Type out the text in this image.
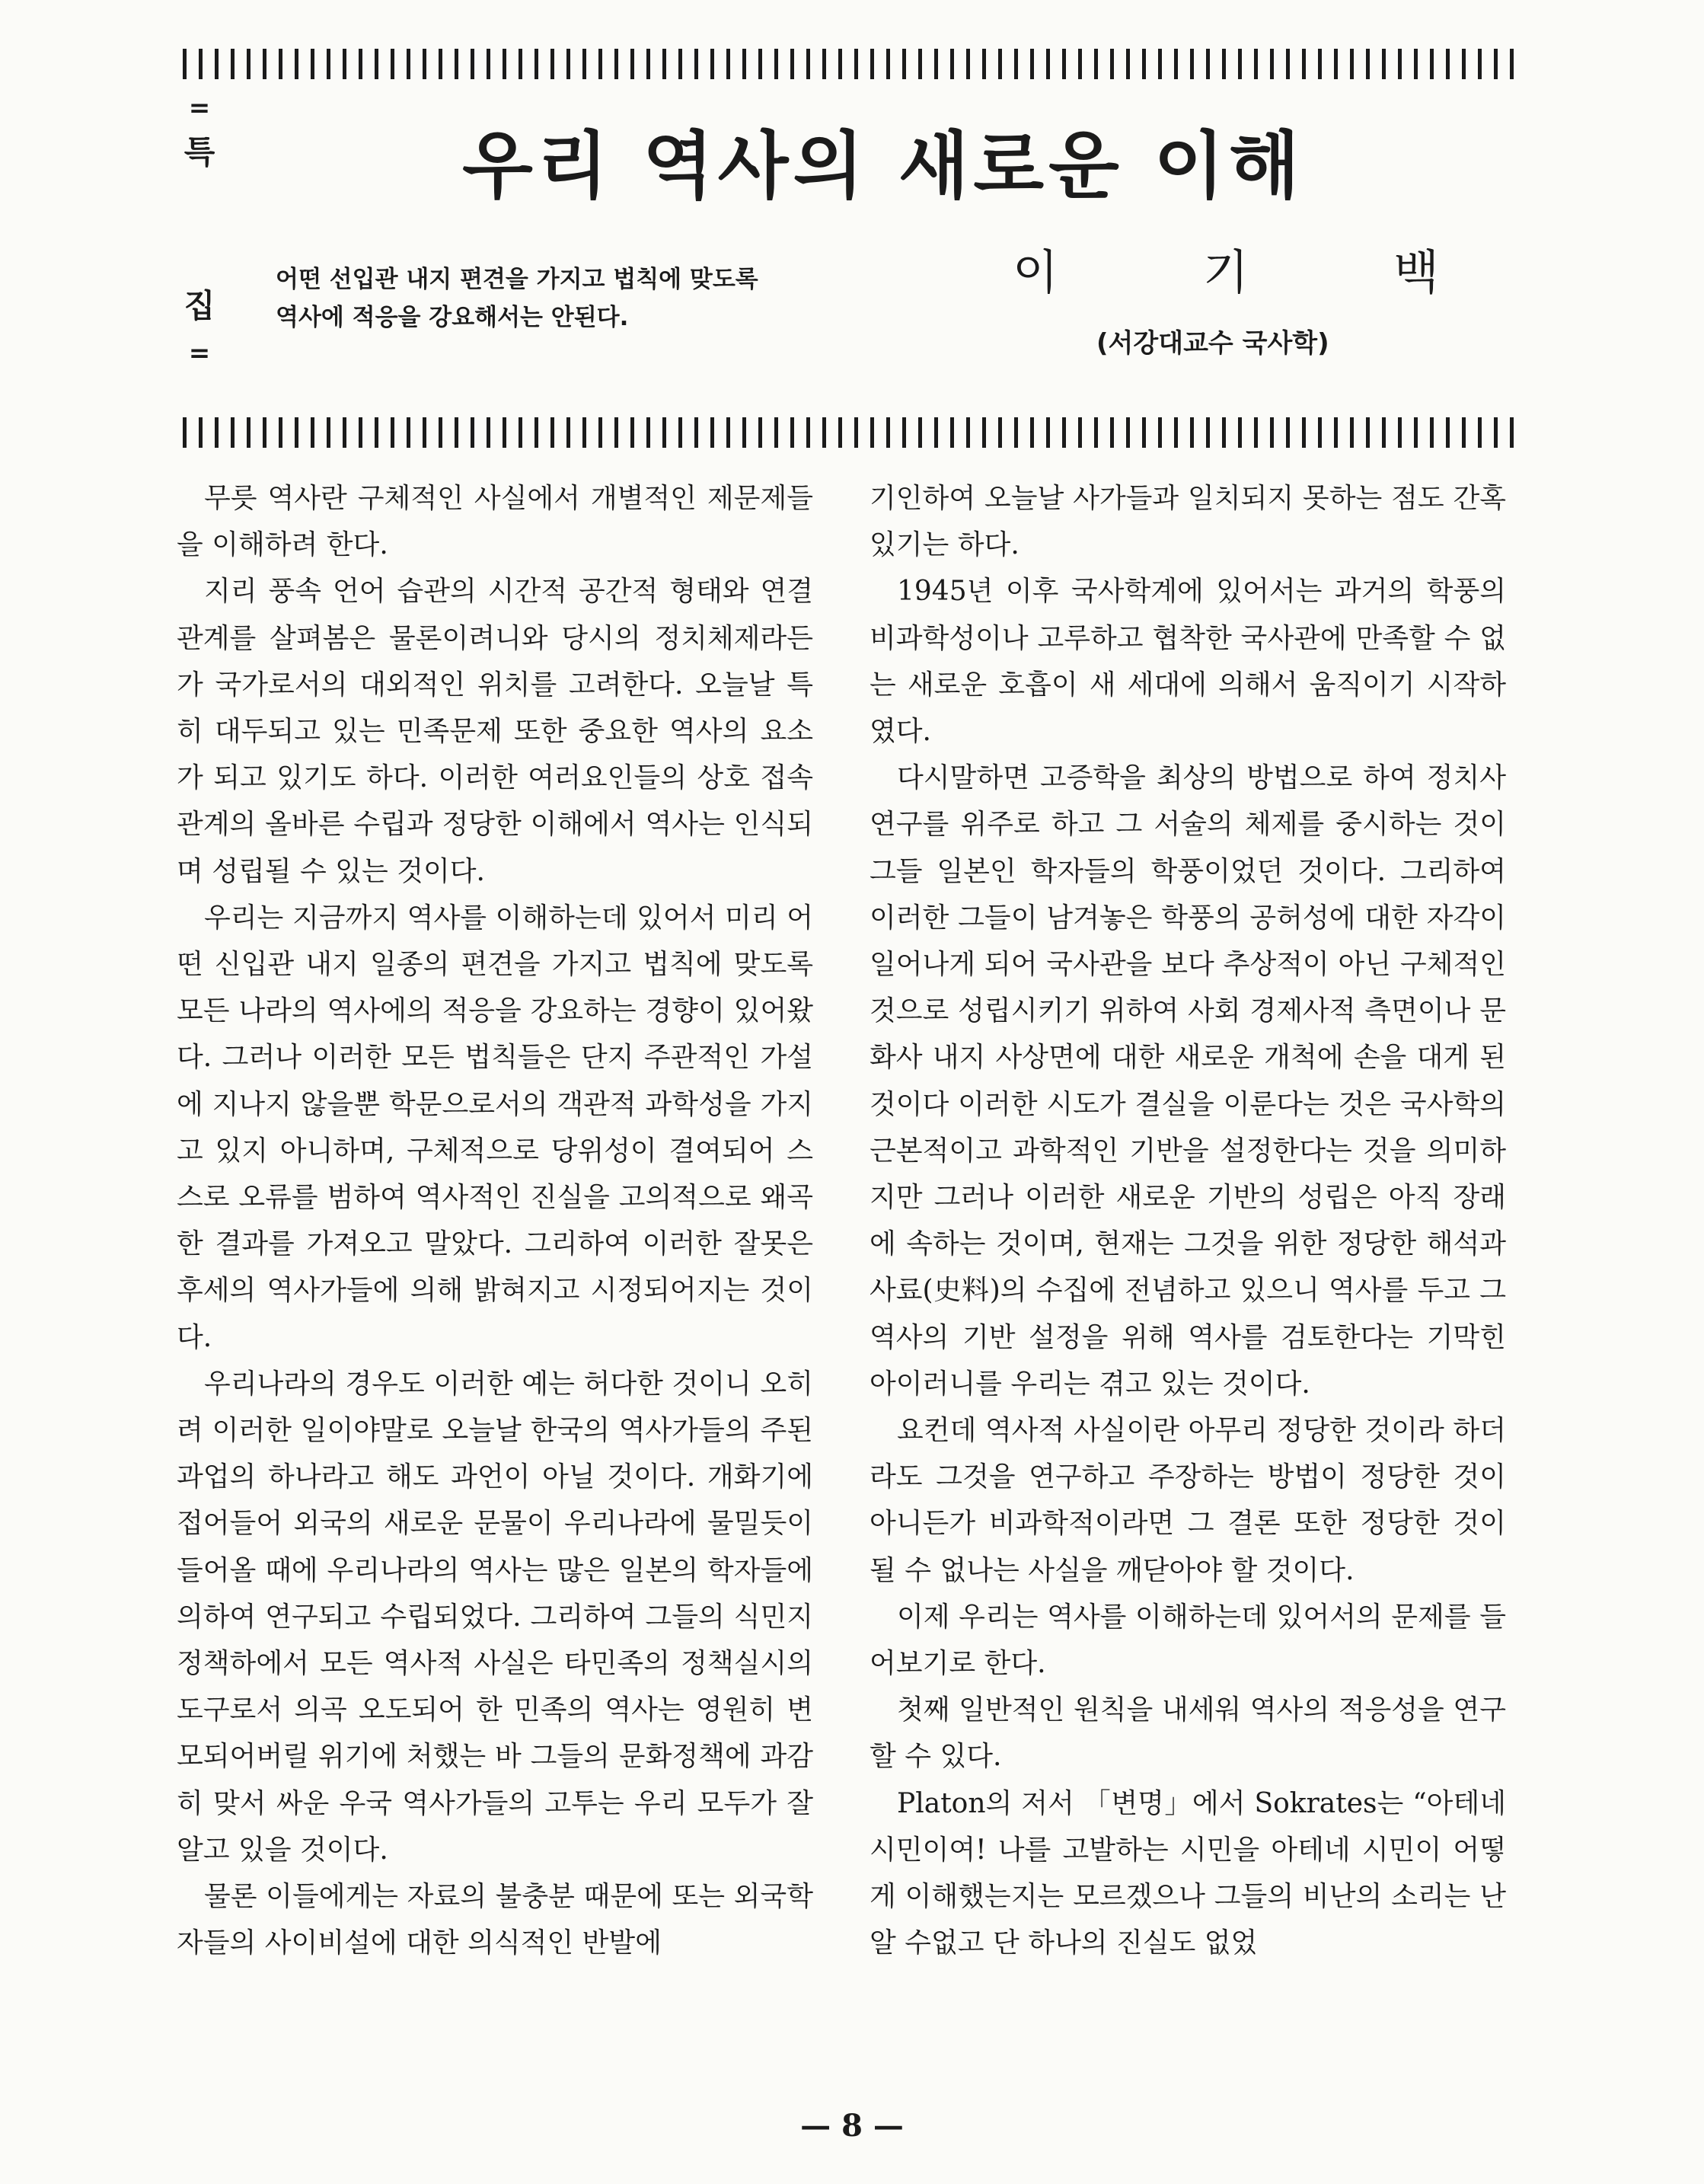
=
특
집
=
우리 역사의 새로운 이해
어떤 선입관 내지 편견을 가지고 법칙에 맞도록
역사에 적응을 강요해서는 안된다.
이	기	백
(서강대교수 국사학)

무릇 역사란 구체적인 사실에서 개별적인 제문제들을 이해하려 한다.

지리 풍속 언어 습관의 시간적 공간적 형태와 연결관계를 살펴봄은 물론이려니와 당시의 정치체제라든가 국가로서의 대외적인 위치를 고려한다. 오늘날 특히 대두되고 있는 민족문제 또한 중요한 역사의 요소가 되고 있기도 하다. 이러한 여러요인들의 상호 접속관계의 올바른 수립과 정당한 이해에서 역사는 인식되며 성립될 수 있는 것이다.

우리는 지금까지 역사를 이해하는데 있어서 미리 어떤 신입관 내지 일종의 편견을 가지고 법칙에 맞도록 모든 나라의 역사에의 적응을 강요하는 경향이 있어왔다. 그러나 이러한 모든 법칙들은 단지 주관적인 가설에 지나지 않을뿐 학문으로서의 객관적 과학성을 가지고 있지 아니하며, 구체적으로 당위성이 결여되어 스스로 오류를 범하여 역사적인 진실을 고의적으로 왜곡한 결과를 가져오고 말았다. 그리하여 이러한 잘못은 후세의 역사가들에 의해 밝혀지고 시정되어지는 것이다.

우리나라의 경우도 이러한 예는 허다한 것이니 오히려 이러한 일이야말로 오늘날 한국의 역사가들의 주된 과업의 하나라고 해도 과언이 아닐 것이다. 개화기에 접어들어 외국의 새로운 문물이 우리나라에 물밀듯이 들어올 때에 우리나라의 역사는 많은 일본의 학자들에 의하여 연구되고 수립되었다. 그리하여 그들의 식민지정책하에서 모든 역사적 사실은 타민족의 정책실시의 도구로서 의곡 오도되어 한 민족의 역사는 영원히 변모되어버릴 위기에 처했는 바 그들의 문화정책에 과감히 맞서 싸운 우국 역사가들의 고투는 우리 모두가 잘 알고 있을 것이다.

물론 이들에게는 자료의 불충분 때문에 또는 외국학자들의 사이비설에 대한 의식적인 반발에

기인하여 오늘날 사가들과 일치되지 못하는 점도 간혹 있기는 하다.

1945년 이후 국사학계에 있어서는 과거의 학풍의 비과학성이나 고루하고 협착한 국사관에 만족할 수 없는 새로운 호흡이 새 세대에 의해서 움직이기 시작하였다.

다시말하면 고증학을 최상의 방법으로 하여 정치사 연구를 위주로 하고 그 서술의 체제를 중시하는 것이 그들 일본인 학자들의 학풍이었던 것이다. 그리하여 이러한 그들이 남겨놓은 학풍의 공허성에 대한 자각이 일어나게 되어 국사관을 보다 추상적이 아닌 구체적인 것으로 성립시키기 위하여 사회 경제사적 측면이나 문화사 내지 사상면에 대한 새로운 개척에 손을 대게 된 것이다 이러한 시도가 결실을 이룬다는 것은 국사학의 근본적이고 과학적인 기반을 설정한다는 것을 의미하지만 그러나 이러한 새로운 기반의 성립은 아직 장래에 속하는 것이며, 현재는 그것을 위한 정당한 해석과 사료(史料)의 수집에 전념하고 있으니 역사를 두고 그 역사의 기반 설정을 위해 역사를 검토한다는 기막힌 아이러니를 우리는 겪고 있는 것이다.

요컨데 역사적 사실이란 아무리 정당한 것이라 하더라도 그것을 연구하고 주장하는 방법이 정당한 것이 아니든가 비과학적이라면 그 결론 또한 정당한 것이 될 수 없나는 사실을 깨닫아야 할 것이다.

이제 우리는 역사를 이해하는데 있어서의 문제를 들어보기로 한다.

첫째 일반적인 원칙을 내세워 역사의 적응성을 연구할 수 있다.

Platon의 저서 「변명」에서 Sokrates는 “아테네시민이여! 나를 고발하는 시민을 아테네 시민이 어떻게 이해했는지는 모르겠으나 그들의 비난의 소리는 난 알 수없고 단 하나의 진실도 없었

— 8 —
